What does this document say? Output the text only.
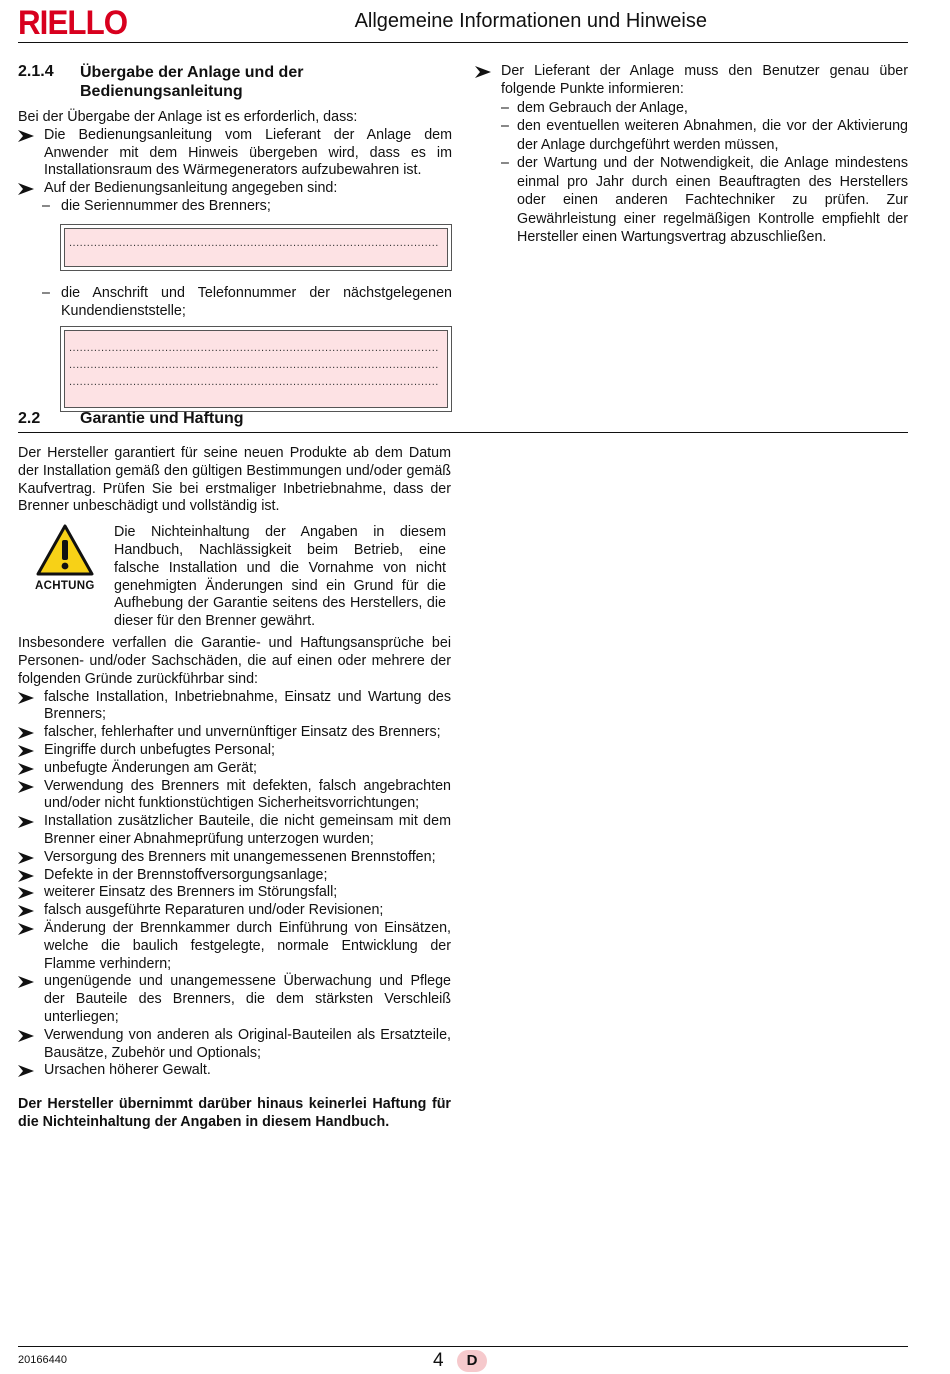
RIELLO	Allgemeine Informationen und Hinweise
2.1.4 Übergabe der Anlage und der
Bedienungsanleitung
Bei der Übergabe der Anlage ist es erforderlich, dass:
Die Bedienungsanleitung vom Lieferant der Anlage dem Anwender mit dem Hinweis übergeben wird, dass es im Installationsraum des Wärmegenerators aufzubewahren ist.
Auf der Bedienungsanleitung angegeben sind:
– die Seriennummer des Brenners;
........................................................................................................
– die Anschrift und Telefonnummer der nächstgelegenen Kundendienststelle;
........................................................................................................
........................................................................................................
........................................................................................................
Der Lieferant der Anlage muss den Benutzer genau über folgende Punkte informieren:
– dem Gebrauch der Anlage,
– den eventuellen weiteren Abnahmen, die vor der Aktivierung der Anlage durchgeführt werden müssen,
– der Wartung und der Notwendigkeit, die Anlage mindestens einmal pro Jahr durch einen Beauftragten des Herstellers oder einen anderen Fachtechniker zu prüfen. Zur Gewährleistung einer regelmäßigen Kontrolle empfiehlt der Hersteller einen Wartungsvertrag abzuschließen.
2.2 Garantie und Haftung
Der Hersteller garantiert für seine neuen Produkte ab dem Datum der Installation gemäß den gültigen Bestimmungen und/oder gemäß Kaufvertrag. Prüfen Sie bei erstmaliger Inbetriebnahme, dass der Brenner unbeschädigt und vollständig ist.
ACHTUNG
Die Nichteinhaltung der Angaben in diesem Handbuch, Nachlässigkeit beim Betrieb, eine falsche Installation und die Vornahme von nicht genehmigten Änderungen sind ein Grund für die Aufhebung der Garantie seitens des Herstellers, die dieser für den Brenner gewährt.
Insbesondere verfallen die Garantie- und Haftungsansprüche bei Personen- und/oder Sachschäden, die auf einen oder mehrere der folgenden Gründe zurückführbar sind:
falsche Installation, Inbetriebnahme, Einsatz und Wartung des Brenners;
falscher, fehlerhafter und unvernünftiger Einsatz des Brenners;
Eingriffe durch unbefugtes Personal;
unbefugte Änderungen am Gerät;
Verwendung des Brenners mit defekten, falsch angebrachten und/oder nicht funktionstüchtigen Sicherheitsvorrichtungen;
Installation zusätzlicher Bauteile, die nicht gemeinsam mit dem Brenner einer Abnahmeprüfung unterzogen wurden;
Versorgung des Brenners mit unangemessenen Brennstoffen;
Defekte in der Brennstoffversorgungsanlage;
weiterer Einsatz des Brenners im Störungsfall;
falsch ausgeführte Reparaturen und/oder Revisionen;
Änderung der Brennkammer durch Einführung von Einsätzen, welche die baulich festgelegte, normale Entwicklung der Flamme verhindern;
ungenügende und unangemessene Überwachung und Pflege der Bauteile des Brenners, die dem stärksten Verschleiß unterliegen;
Verwendung von anderen als Original-Bauteilen als Ersatzteile, Bausätze, Zubehör und Optionals;
Ursachen höherer Gewalt.
Der Hersteller übernimmt darüber hinaus keinerlei Haftung für die Nichteinhaltung der Angaben in diesem Handbuch.
20166440	4	D
